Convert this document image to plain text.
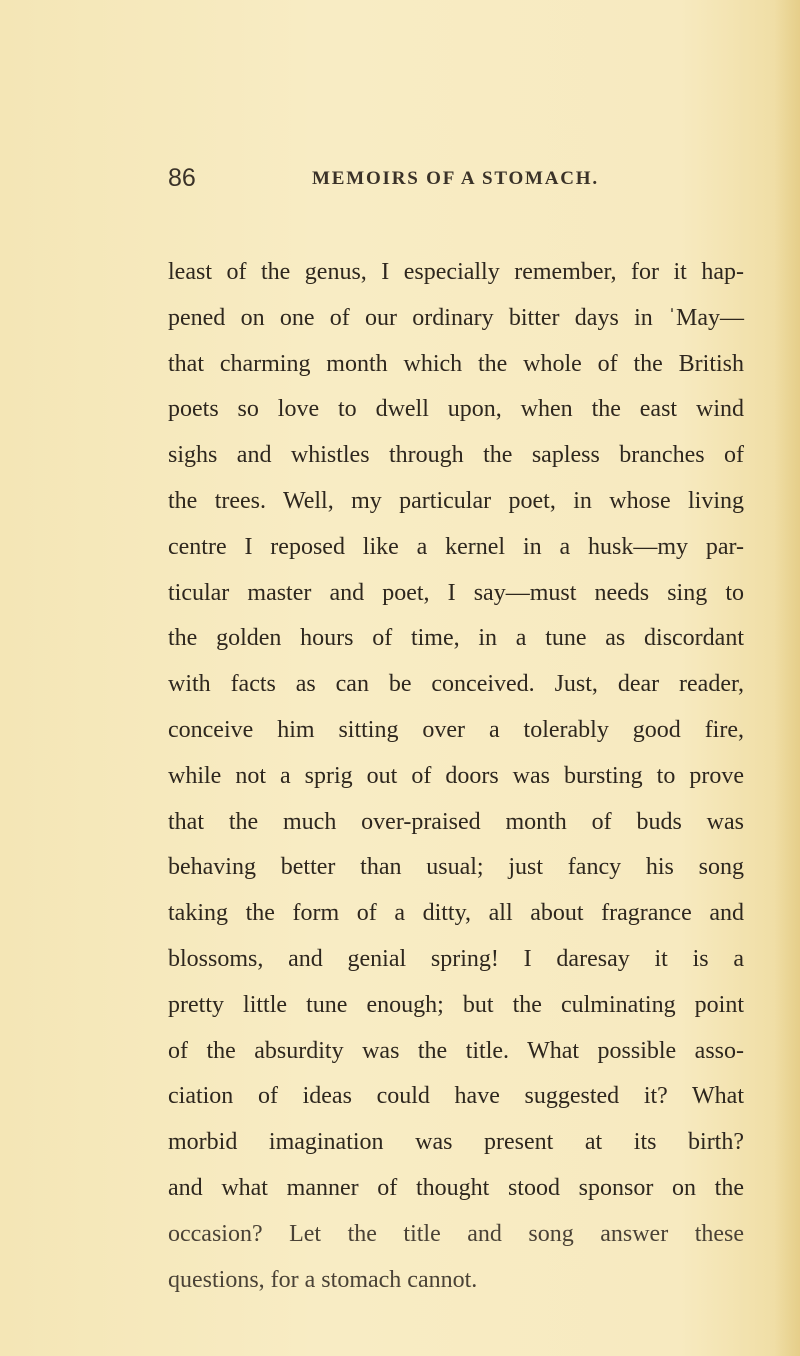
86	MEMOIRS OF A STOMACH.
least of the genus, I especially remember, for it hap-
pened on one of our ordinary bitter days in ˈMay—
that charming month which the whole of the British
poets so love to dwell upon, when the east wind
sighs and whistles through the sapless branches of
the trees. Well, my particular poet, in whose living
centre I reposed like a kernel in a husk—my par-
ticular master and poet, I say—must needs sing to
the golden hours of time, in a tune as discordant
with facts as can be conceived. Just, dear reader,
conceive him sitting over a tolerably good fire,
while not a sprig out of doors was bursting to prove
that the much over-praised month of buds was
behaving better than usual; just fancy his song
taking the form of a ditty, all about fragrance and
blossoms, and genial spring! I daresay it is a
pretty little tune enough; but the culminating point
of the absurdity was the title. What possible asso-
ciation of ideas could have suggested it? What
morbid imagination was present at its birth?
and what manner of thought stood sponsor on the
occasion? Let the title and song answer these
questions, for a stomach cannot.
